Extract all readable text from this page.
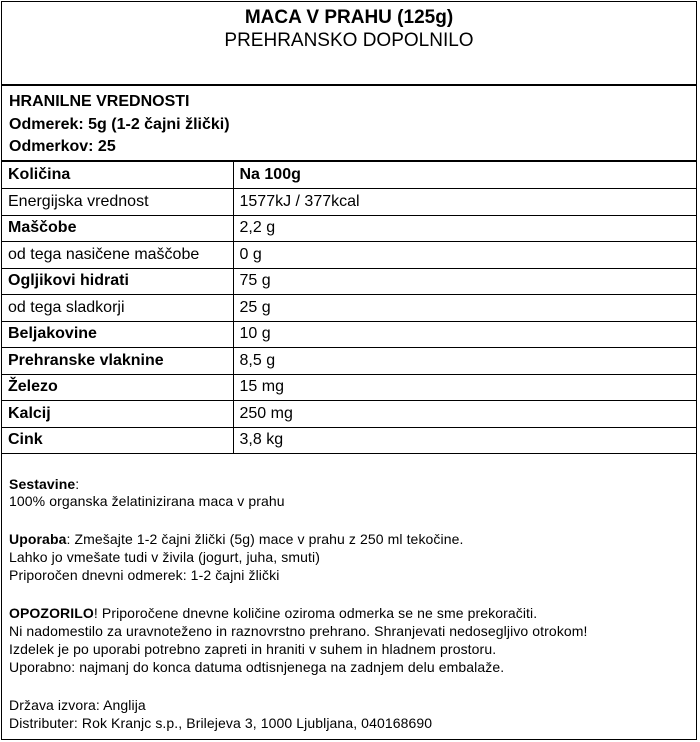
MACA V PRAHU (125g)
PREHRANSKO DOPOLNILO
HRANILNE VREDNOSTI
Odmerek: 5g (1-2 čajni žlički)
Odmerkov: 25
Količina	Na 100g
Energijska vrednost	1577kJ / 377kcal
Maščobe	2,2 g
od tega nasičene maščobe	0 g
Ogljikovi hidrati	75 g
od tega sladkorji	25 g
Beljakovine	10 g
Prehranske vlaknine	8,5 g
Železo	15 mg
Kalcij	250 mg
Cink	3,8 kg
Sestavine:
100% organska želatinizirana maca v prahu
Uporaba: Zmešajte 1-2 čajni žlički (5g) mace v prahu z 250 ml tekočine.
Lahko jo vmešate tudi v živila (jogurt, juha, smuti)
Priporočen dnevni odmerek: 1-2 čajni žlički
OPOZORILO! Priporočene dnevne količine oziroma odmerka se ne sme prekoračiti.
Ni nadomestilo za uravnoteženo in raznovrstno prehrano. Shranjevati nedosegljivo otrokom!
Izdelek je po uporabi potrebno zapreti in hraniti v suhem in hladnem prostoru.
Uporabno: najmanj do konca datuma odtisnjenega na zadnjem delu embalaže.
Država izvora: Anglija
Distributer: Rok Kranjc s.p., Brilejeva 3, 1000 Ljubljana, 040168690
